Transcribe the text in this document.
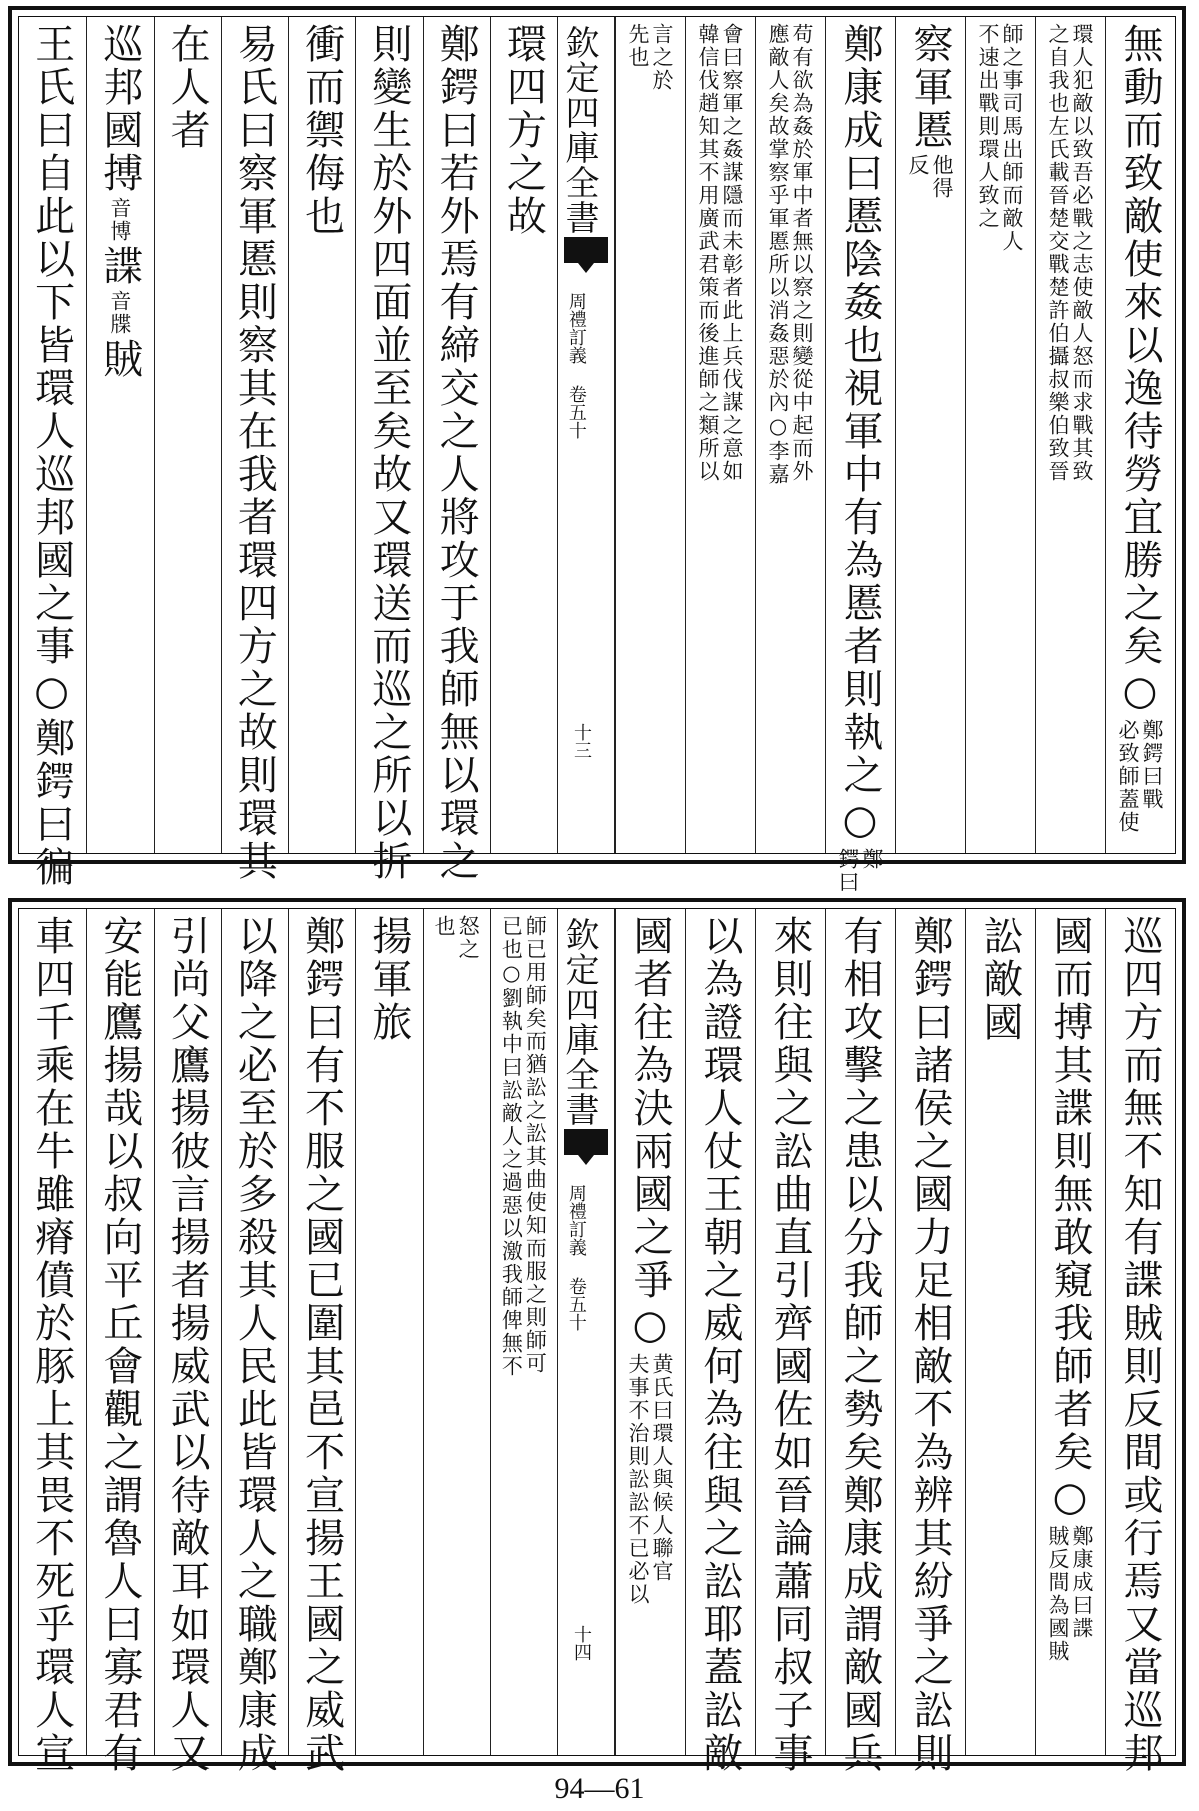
無動而致敵使來以逸待勞宜勝之矣○
鄭鍔曰戰
必致師蓋使
環人犯敵以致吾必戰之志使敵人怒而求戰其致
之自我也左氏載晉楚交戰楚許伯攝叔樂伯致晉
師之事司馬出師而敵人
不速出戰則環人致之
察軍慝
他得
反
鄭康成曰慝陰姦也視軍中有為慝者則執之○
鄭
鍔曰
苟有欲為姦於軍中者無以察之則變從中起而外
應敵人矣故掌察乎軍慝所以消姦惡於內○李嘉
會曰察軍之姦謀隱而未彰者此上兵伐謀之意如
韓信伐趙知其不用廣武君策而後進師之類所以
言之於
先也
欽定四庫全書
周禮訂義 卷五十
十三
環四方之故
鄭鍔曰若外焉有締交之人將攻于我師無以環之
則變生於外四面並至矣故又環送而巡之所以折
衝而禦侮也
易氏曰察軍慝則察其在我者環四方之故則環其
在人者
巡邦國搏
音博
諜
音牒
賊
王氏曰自此以下皆環人巡邦國之事○鄭鍔曰徧
巡四方而無不知有諜賊則反間或行焉又當巡邦
國而搏其諜則無敢窺我師者矣○
鄭康成曰諜
賊反間為國賊
訟敵國
鄭鍔曰諸侯之國力足相敵不為辨其紛爭之訟則
有相攻擊之患以分我師之勢矣鄭康成謂敵國兵
來則往與之訟曲直引齊國佐如晉論蕭同叔子事
以為證環人仗王朝之威何為往與之訟耶蓋訟敵
國者往為決兩國之爭○
黄氏曰環人與候人聯官
夫事不治則訟訟不已必以
欽定四庫全書
周禮訂義 卷五十
十四
師已用師矣而猶訟之訟其曲使知而服之則師可
已也○劉執中曰訟敵人之過惡以激我師俾無不
怒之
也
揚軍旅
鄭鍔曰有不服之國已圍其邑不宣揚王國之威武
以降之必至於多殺其人民此皆環人之職鄭康成
引尚父鷹揚彼言揚者揚威武以待敵耳如環人又
安能鷹揚哉以叔向平丘會觀之謂魯人曰寡君有
車四千乘在牛雖瘠僨於豚上其畏不死乎環人宣
94—61
